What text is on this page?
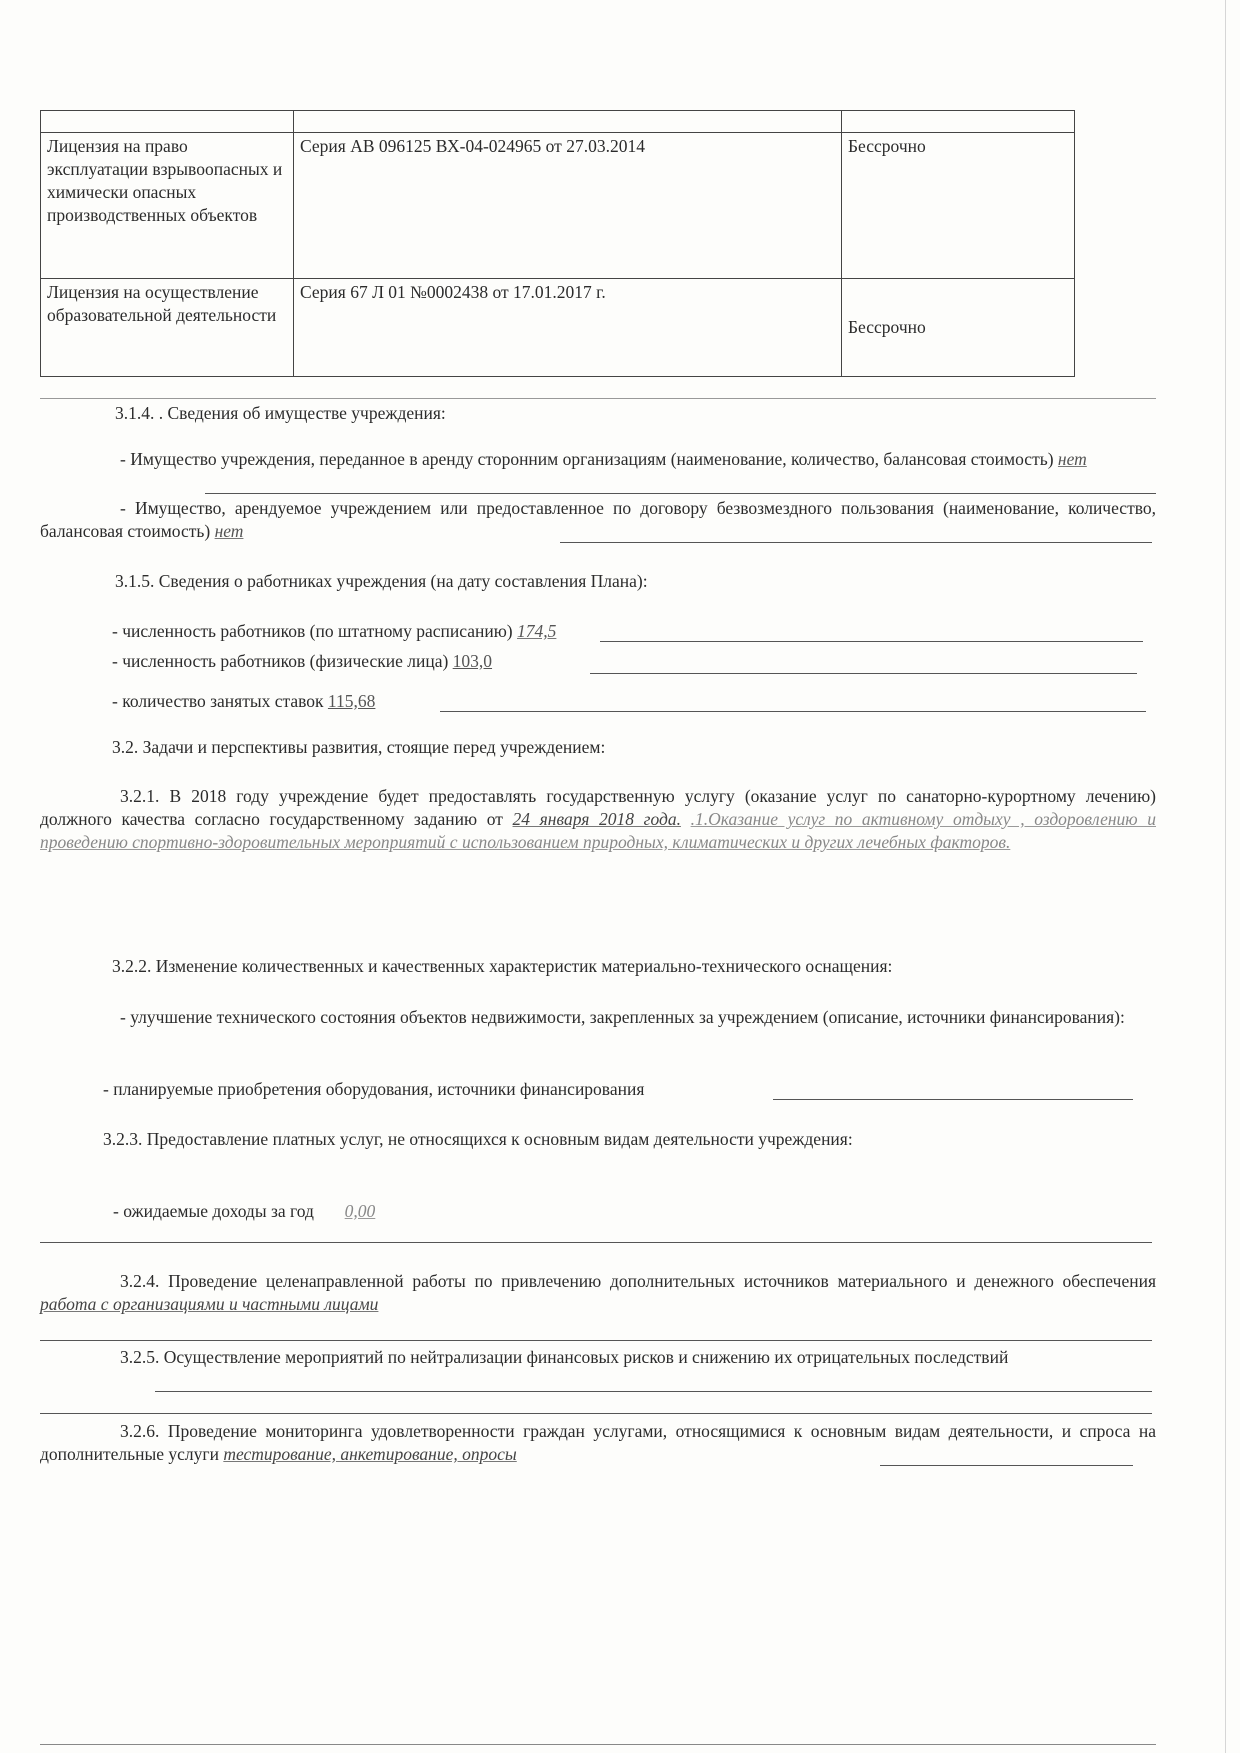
Лицензия на право эксплуатации взрывоопасных и химически опасных производственных объектов	Серия АВ 096125 ВХ-04-024965 от 27.03.2014	Бессрочно
Лицензия на осуществление образовательной деятельности	Серия 67 Л 01 №0002438 от 17.01.2017 г.	Бессрочно
3.1.4. . Сведения об имуществе учреждения:
- Имущество учреждения, переданное в аренду сторонним организациям (наименование, количество, балансовая стоимость) нет
- Имущество, арендуемое учреждением или предоставленное по договору безвозмездного пользования (наименование, количество, балансовая стоимость) нет
3.1.5. Сведения о работниках учреждения (на дату составления Плана):
- численность работников (по штатному расписанию) 174,5
- численность работников (физические лица) 103,0
- количество занятых ставок 115,68
3.2. Задачи и перспективы развития, стоящие перед учреждением:
3.2.1. В 2018 году учреждение будет предоставлять государственную услугу (оказание услуг по санаторно-курортному лечению) должного качества согласно государственному заданию от 24 января 2018 года. .1.Оказание услуг по активному отдыху , оздоровлению и проведению спортивно-здоровительных мероприятий с использованием природных, климатических и других лечебных факторов.
3.2.2. Изменение количественных и качественных характеристик материально-технического оснащения:
- улучшение технического состояния объектов недвижимости, закрепленных за учреждением (описание, источники финансирования):
- планируемые приобретения оборудования, источники финансирования
3.2.3. Предоставление платных услуг, не относящихся к основным видам деятельности учреждения:
- ожидаемые доходы за год 0,00
3.2.4. Проведение целенаправленной работы по привлечению дополнительных источников материального и денежного обеспечения работа с организациями и частными лицами
3.2.5. Осуществление мероприятий по нейтрализации финансовых рисков и снижению их отрицательных последствий
3.2.6. Проведение мониторинга удовлетворенности граждан услугами, относящимися к основным видам деятельности, и спроса на дополнительные услуги тестирование, анкетирование, опросы
